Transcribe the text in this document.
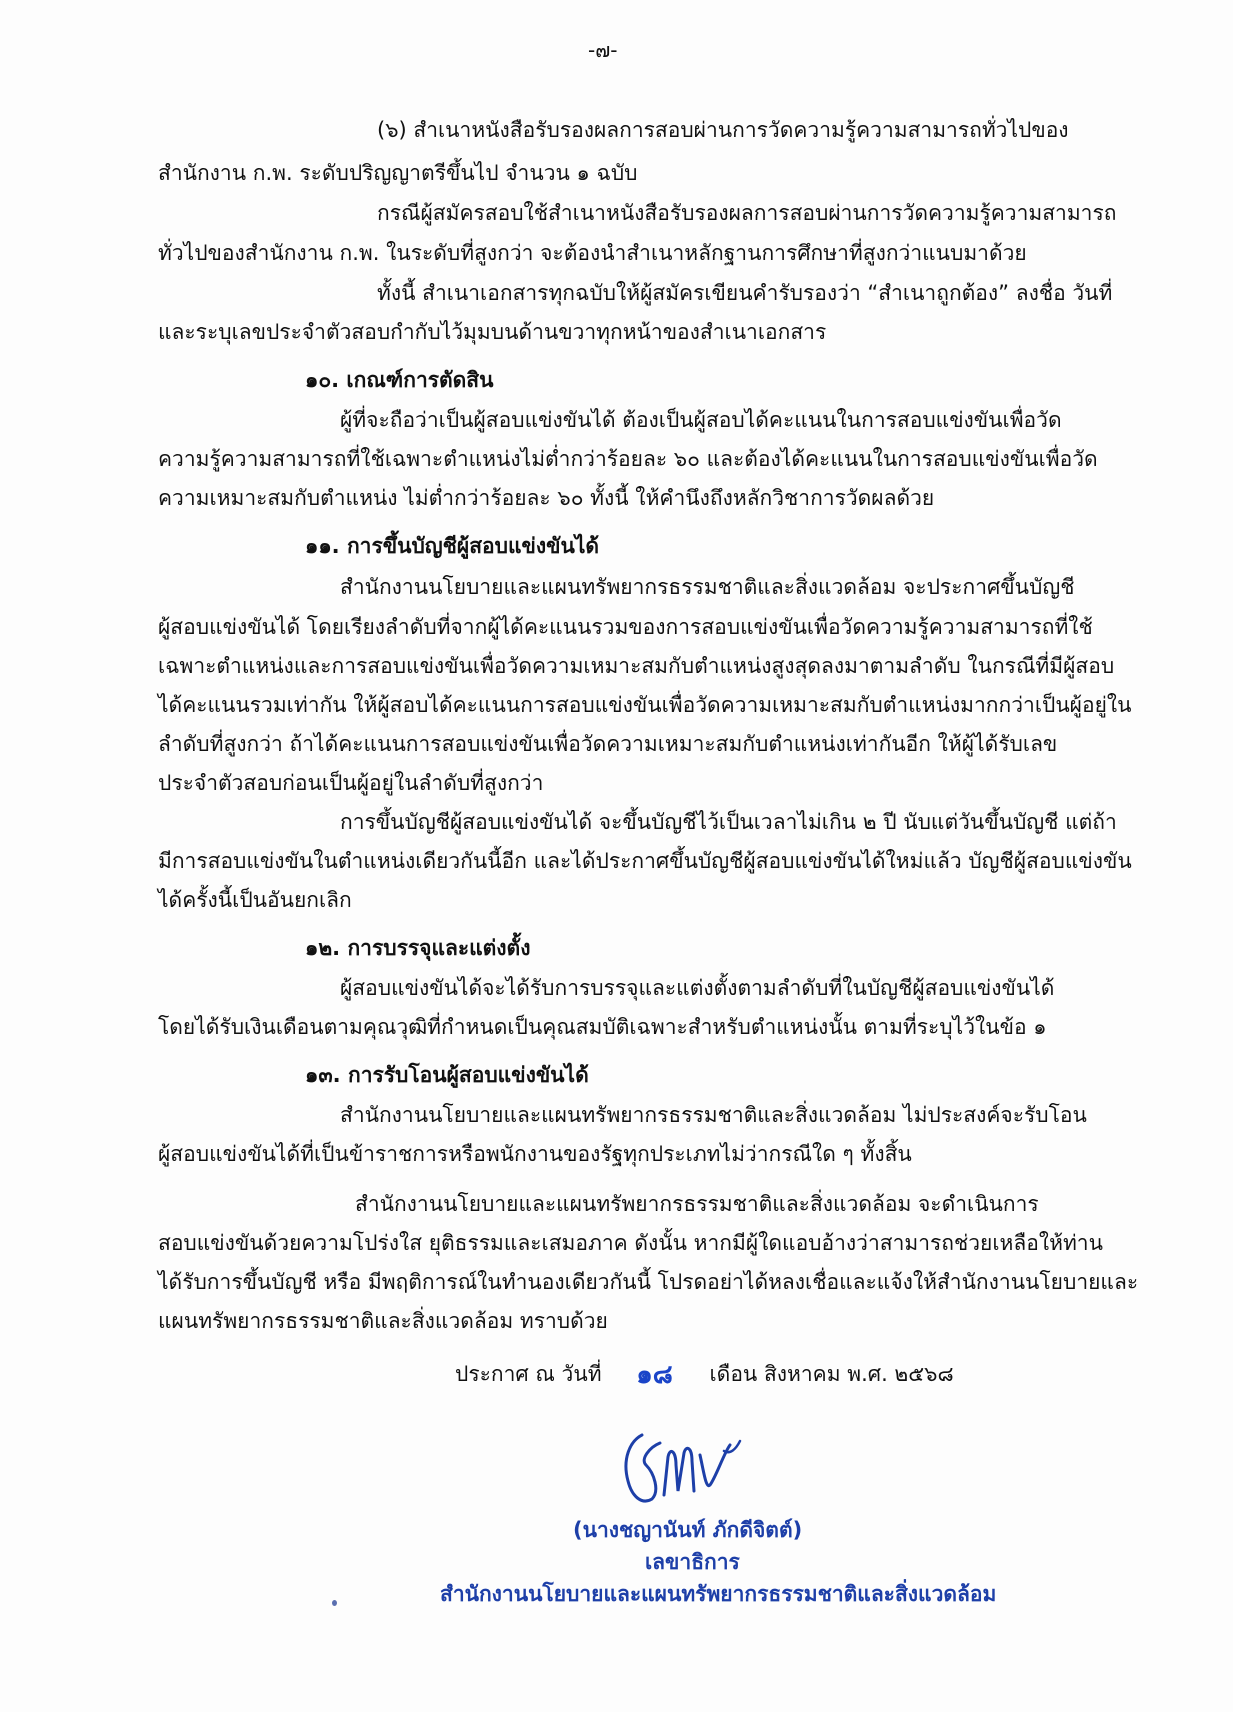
-๗-
(๖) สำเนาหนังสือรับรองผลการสอบผ่านการวัดความรู้ความสามารถทั่วไปของ
สำนักงาน ก.พ. ระดับปริญญาตรีขึ้นไป จำนวน ๑ ฉบับ
กรณีผู้สมัครสอบใช้สำเนาหนังสือรับรองผลการสอบผ่านการวัดความรู้ความสามารถ
ทั่วไปของสำนักงาน ก.พ. ในระดับที่สูงกว่า จะต้องนำสำเนาหลักฐานการศึกษาที่สูงกว่าแนบมาด้วย
ทั้งนี้ สำเนาเอกสารทุกฉบับให้ผู้สมัครเขียนคำรับรองว่า “สำเนาถูกต้อง” ลงชื่อ วันที่
และระบุเลขประจำตัวสอบกำกับไว้มุมบนด้านขวาทุกหน้าของสำเนาเอกสาร
๑๐. เกณฑ์การตัดสิน
ผู้ที่จะถือว่าเป็นผู้สอบแข่งขันได้ ต้องเป็นผู้สอบได้คะแนนในการสอบแข่งขันเพื่อวัด
ความรู้ความสามารถที่ใช้เฉพาะตำแหน่งไม่ต่ำกว่าร้อยละ ๖๐ และต้องได้คะแนนในการสอบแข่งขันเพื่อวัด
ความเหมาะสมกับตำแหน่ง ไม่ต่ำกว่าร้อยละ ๖๐ ทั้งนี้ ให้คำนึงถึงหลักวิชาการวัดผลด้วย
๑๑. การขึ้นบัญชีผู้สอบแข่งขันได้
สำนักงานนโยบายและแผนทรัพยากรธรรมชาติและสิ่งแวดล้อม จะประกาศขึ้นบัญชี
ผู้สอบแข่งขันได้ โดยเรียงลำดับที่จากผู้ได้คะแนนรวมของการสอบแข่งขันเพื่อวัดความรู้ความสามารถที่ใช้
เฉพาะตำแหน่งและการสอบแข่งขันเพื่อวัดความเหมาะสมกับตำแหน่งสูงสุดลงมาตามลำดับ ในกรณีที่มีผู้สอบ
ได้คะแนนรวมเท่ากัน ให้ผู้สอบได้คะแนนการสอบแข่งขันเพื่อวัดความเหมาะสมกับตำแหน่งมากกว่าเป็นผู้อยู่ใน
ลำดับที่สูงกว่า ถ้าได้คะแนนการสอบแข่งขันเพื่อวัดความเหมาะสมกับตำแหน่งเท่ากันอีก ให้ผู้ได้รับเลข
ประจำตัวสอบก่อนเป็นผู้อยู่ในลำดับที่สูงกว่า
การขึ้นบัญชีผู้สอบแข่งขันได้ จะขึ้นบัญชีไว้เป็นเวลาไม่เกิน ๒ ปี นับแต่วันขึ้นบัญชี แต่ถ้า
มีการสอบแข่งขันในตำแหน่งเดียวกันนี้อีก และได้ประกาศขึ้นบัญชีผู้สอบแข่งขันได้ใหม่แล้ว บัญชีผู้สอบแข่งขัน
ได้ครั้งนี้เป็นอันยกเลิก
๑๒. การบรรจุและแต่งตั้ง
ผู้สอบแข่งขันได้จะได้รับการบรรจุและแต่งตั้งตามลำดับที่ในบัญชีผู้สอบแข่งขันได้
โดยได้รับเงินเดือนตามคุณวุฒิที่กำหนดเป็นคุณสมบัติเฉพาะสำหรับตำแหน่งนั้น ตามที่ระบุไว้ในข้อ ๑
๑๓. การรับโอนผู้สอบแข่งขันได้
สำนักงานนโยบายและแผนทรัพยากรธรรมชาติและสิ่งแวดล้อม ไม่ประสงค์จะรับโอน
ผู้สอบแข่งขันได้ที่เป็นข้าราชการหรือพนักงานของรัฐทุกประเภทไม่ว่ากรณีใด ๆ ทั้งสิ้น
สำนักงานนโยบายและแผนทรัพยากรธรรมชาติและสิ่งแวดล้อม จะดำเนินการ
สอบแข่งขันด้วยความโปร่งใส ยุติธรรมและเสมอภาค ดังนั้น หากมีผู้ใดแอบอ้างว่าสามารถช่วยเหลือให้ท่าน
ได้รับการขึ้นบัญชี หรือ มีพฤติการณ์ในทำนองเดียวกันนี้ โปรดอย่าได้หลงเชื่อและแจ้งให้สำนักงานนโยบายและ
แผนทรัพยากรธรรมชาติและสิ่งแวดล้อม ทราบด้วย
ประกาศ ณ วันที่ ๑๘ เดือน สิงหาคม พ.ศ. ๒๕๖๘
(นางชญานันท์ ภักดีจิตต์)
เลขาธิการ
สำนักงานนโยบายและแผนทรัพยากรธรรมชาติและสิ่งแวดล้อม
